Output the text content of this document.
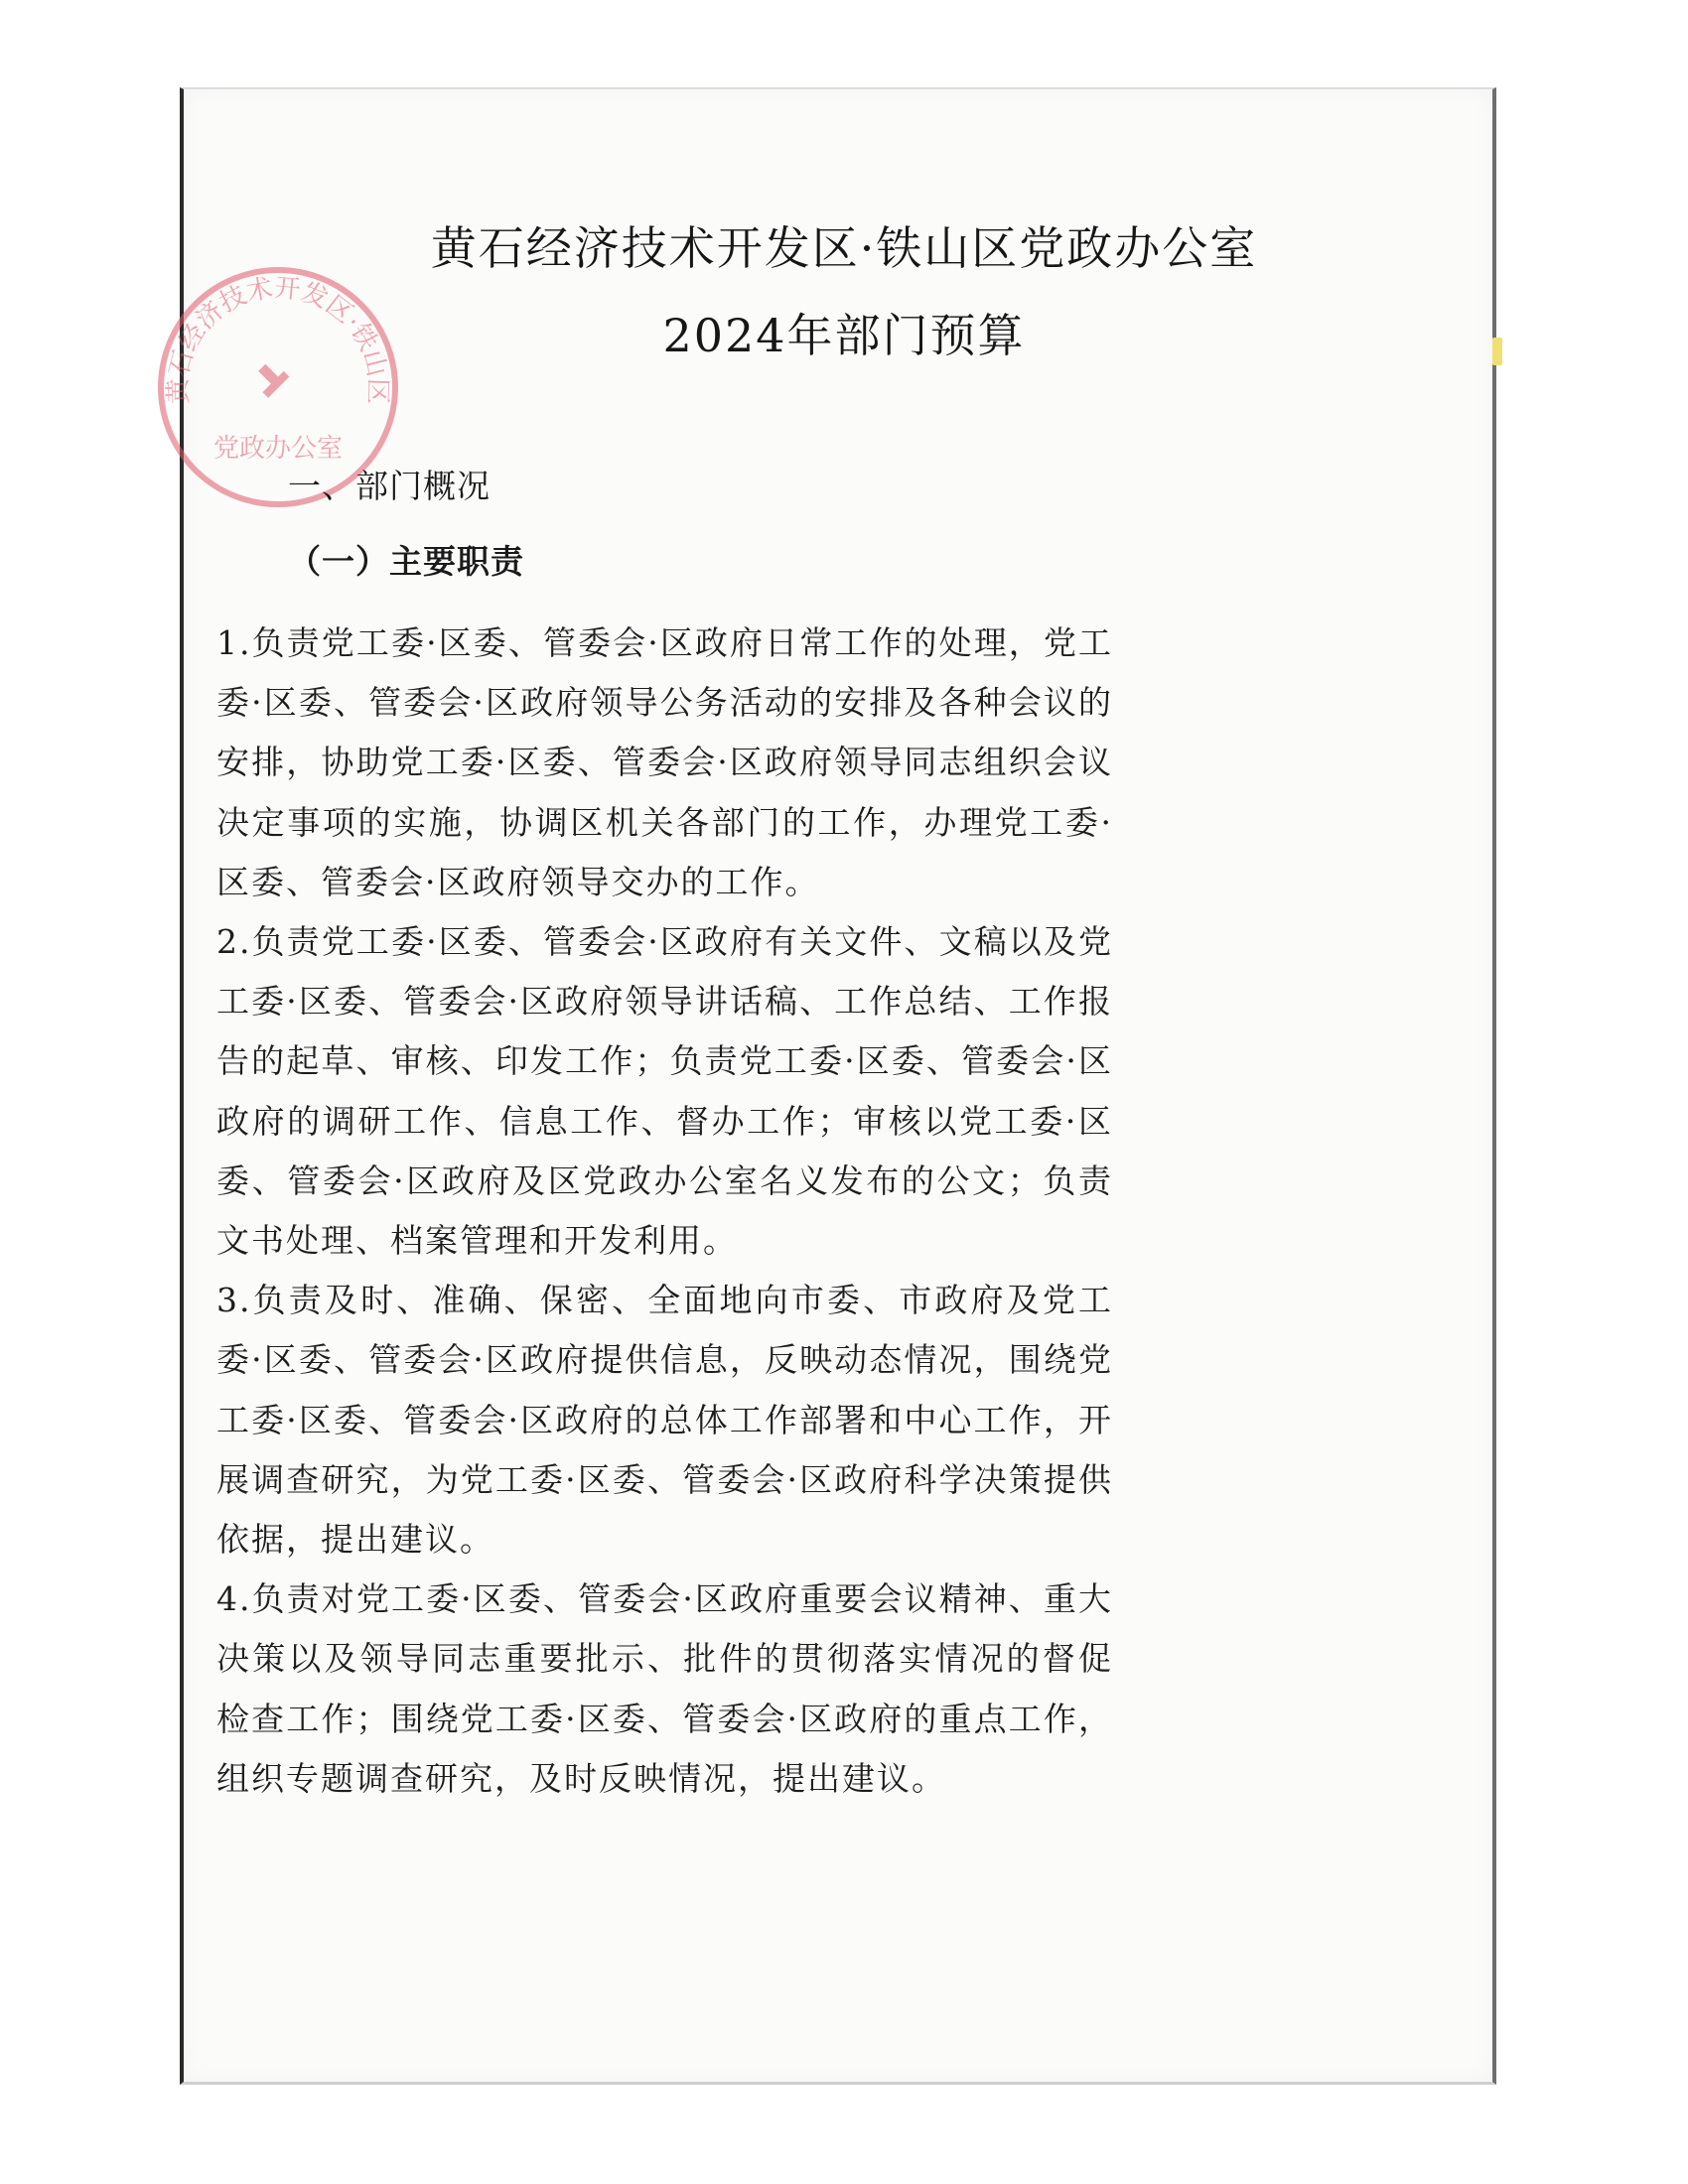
黄石经济技术开发区·铁山区
党政办公室
黄石经济技术开发区·铁山区党政办公室
2024年部门预算
一、部门概况
（一）主要职责

1.负责党工委·区委、管委会·区政府日常工作的处理，党工委·区委、管委会·区政府领导公务活动的安排及各种会议的安排，协助党工委·区委、管委会·区政府领导同志组织会议决定事项的实施，协调区机关各部门的工作，办理党工委·区委、管委会·区政府领导交办的工作。

2.负责党工委·区委、管委会·区政府有关文件、文稿以及党工委·区委、管委会·区政府领导讲话稿、工作总结、工作报告的起草、审核、印发工作；负责党工委·区委、管委会·区政府的调研工作、信息工作、督办工作；审核以党工委·区委、管委会·区政府及区党政办公室名义发布的公文；负责文书处理、档案管理和开发利用。

3.负责及时、准确、保密、全面地向市委、市政府及党工委·区委、管委会·区政府提供信息，反映动态情况，围绕党工委·区委、管委会·区政府的总体工作部署和中心工作，开展调查研究，为党工委·区委、管委会·区政府科学决策提供依据，提出建议。

4.负责对党工委·区委、管委会·区政府重要会议精神、重大决策以及领导同志重要批示、批件的贯彻落实情况的督促检查工作；围绕党工委·区委、管委会·区政府的重点工作，组织专题调查研究，及时反映情况，提出建议。
